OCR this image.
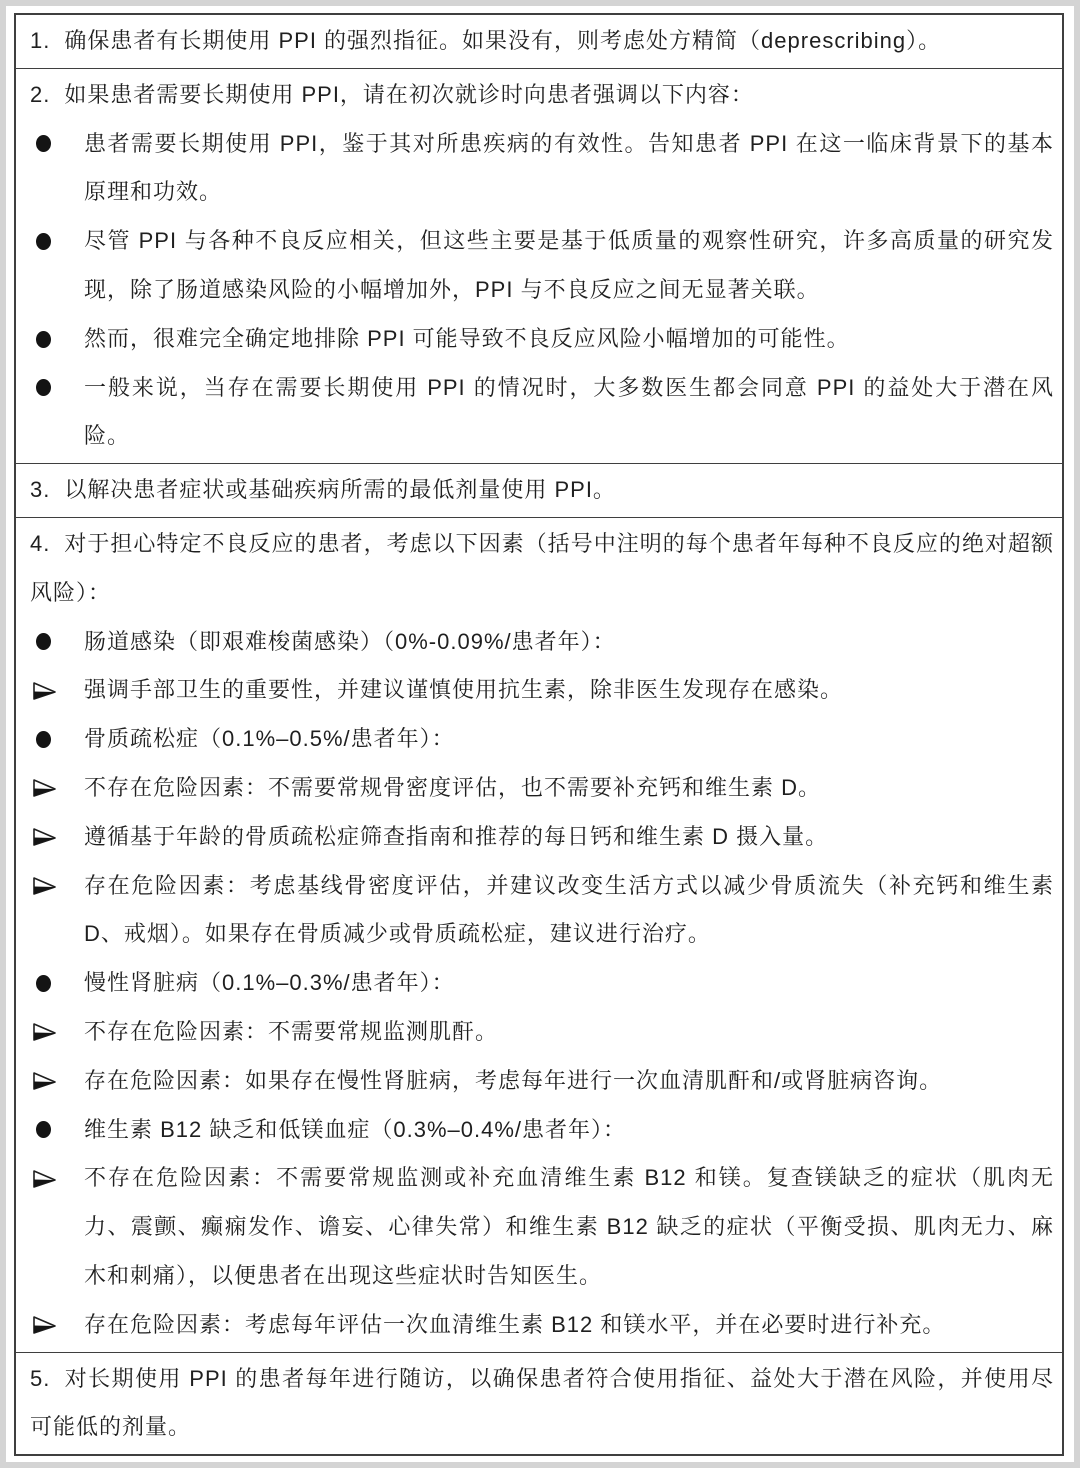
1. 确保患者有长期使用 PPI 的强烈指征。如果没有，则考虑处方精简（deprescribing）。
2. 如果患者需要长期使用 PPI，请在初次就诊时向患者强调以下内容：
患者需要长期使用 PPI，鉴于其对所患疾病的有效性。告知患者 PPI 在这一临床背景下的基本原理和功效。
尽管 PPI 与各种不良反应相关，但这些主要是基于低质量的观察性研究，许多高质量的研究发现，除了肠道感染风险的小幅增加外，PPI 与不良反应之间无显著关联。
然而，很难完全确定地排除 PPI 可能导致不良反应风险小幅增加的可能性。
一般来说，当存在需要长期使用 PPI 的情况时，大多数医生都会同意 PPI 的益处大于潜在风险。
3. 以解决患者症状或基础疾病所需的最低剂量使用 PPI。
4. 对于担心特定不良反应的患者，考虑以下因素（括号中注明的每个患者年每种不良反应的绝对超额风险）：
肠道感染（即艰难梭菌感染）（0%-0.09%/患者年）：
强调手部卫生的重要性，并建议谨慎使用抗生素，除非医生发现存在感染。
骨质疏松症（0.1%–0.5%/患者年）：
不存在危险因素：不需要常规骨密度评估，也不需要补充钙和维生素 D。
遵循基于年龄的骨质疏松症筛查指南和推荐的每日钙和维生素 D 摄入量。
存在危险因素：考虑基线骨密度评估，并建议改变生活方式以减少骨质流失（补充钙和维生素 D、戒烟）。如果存在骨质减少或骨质疏松症，建议进行治疗。
慢性肾脏病（0.1%–0.3%/患者年）：
不存在危险因素：不需要常规监测肌酐。
存在危险因素：如果存在慢性肾脏病，考虑每年进行一次血清肌酐和/或肾脏病咨询。
维生素 B12 缺乏和低镁血症（0.3%–0.4%/患者年）：
不存在危险因素：不需要常规监测或补充血清维生素 B12 和镁。复查镁缺乏的症状（肌肉无力、震颤、癫痫发作、谵妄、心律失常）和维生素 B12 缺乏的症状（平衡受损、肌肉无力、麻木和刺痛），以便患者在出现这些症状时告知医生。
存在危险因素：考虑每年评估一次血清维生素 B12 和镁水平，并在必要时进行补充。
5. 对长期使用 PPI 的患者每年进行随访，以确保患者符合使用指征、益处大于潜在风险，并使用尽可能低的剂量。
